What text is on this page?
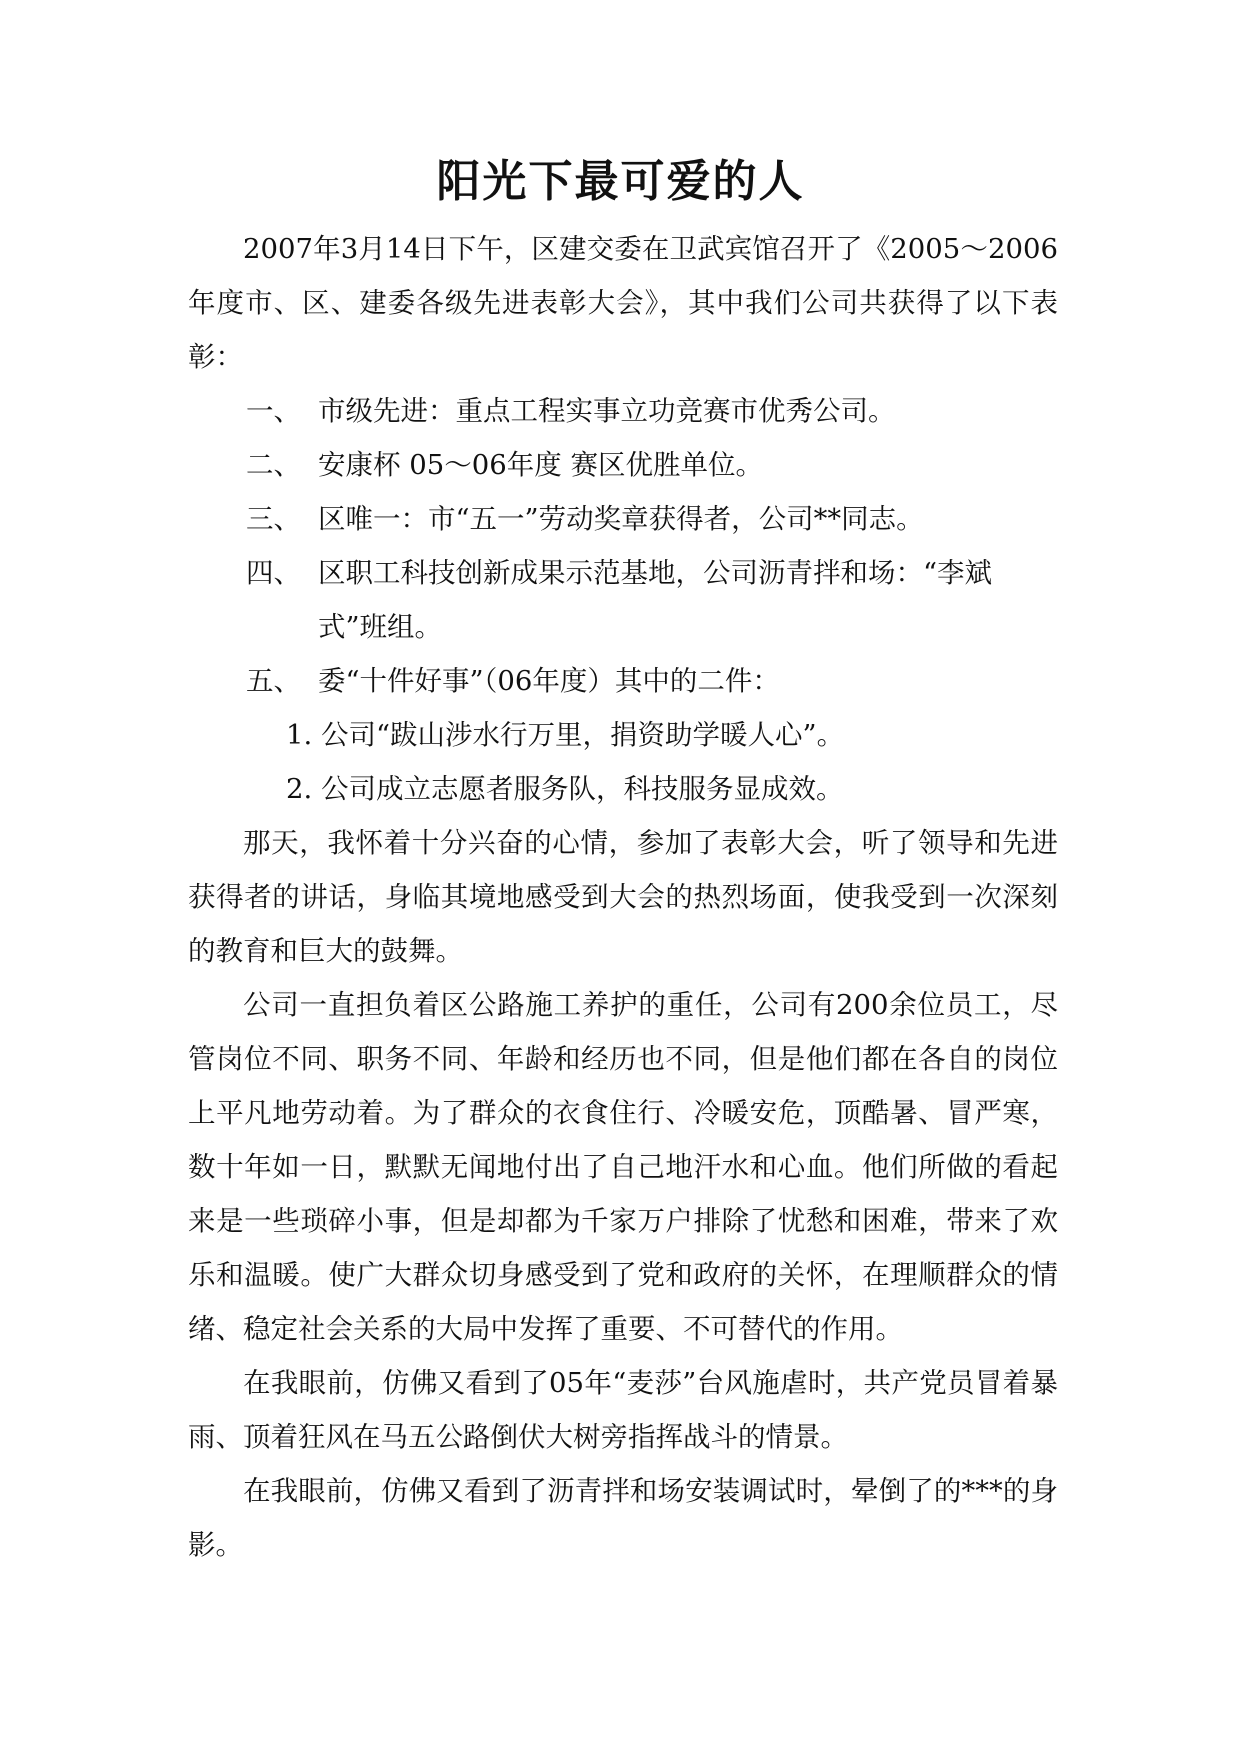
阳光下最可爱的人

2007年3月14日下午，区建交委在卫武宾馆召开了《2005～2006年度市、区、建委各级先进表彰大会》，其中我们公司共获得了以下表彰：

一、 市级先进：重点工程实事立功竞赛市优秀公司。
二、 安康杯 05～06年度 赛区优胜单位。
三、 区唯一：市“五一”劳动奖章获得者，公司**同志。
四、 区职工科技创新成果示范基地，公司沥青拌和场：“李斌式”班组。
五、 委“十件好事”（06年度）其中的二件：

1. 公司“跋山涉水行万里，捐资助学暖人心”。

2. 公司成立志愿者服务队，科技服务显成效。

那天，我怀着十分兴奋的心情，参加了表彰大会，听了领导和先进获得者的讲话，身临其境地感受到大会的热烈场面，使我受到一次深刻的教育和巨大的鼓舞。

公司一直担负着区公路施工养护的重任，公司有200余位员工，尽管岗位不同、职务不同、年龄和经历也不同，但是他们都在各自的岗位上平凡地劳动着。为了群众的衣食住行、冷暖安危，顶酷暑、冒严寒，数十年如一日，默默无闻地付出了自己地汗水和心血。他们所做的看起来是一些琐碎小事，但是却都为千家万户排除了忧愁和困难，带来了欢乐和温暖。使广大群众切身感受到了党和政府的关怀，在理顺群众的情绪、稳定社会关系的大局中发挥了重要、不可替代的作用。

在我眼前，仿佛又看到了05年“麦莎”台风施虐时，共产党员冒着暴雨、顶着狂风在马五公路倒伏大树旁指挥战斗的情景。

在我眼前，仿佛又看到了沥青拌和场安装调试时，晕倒了的***的身影。
